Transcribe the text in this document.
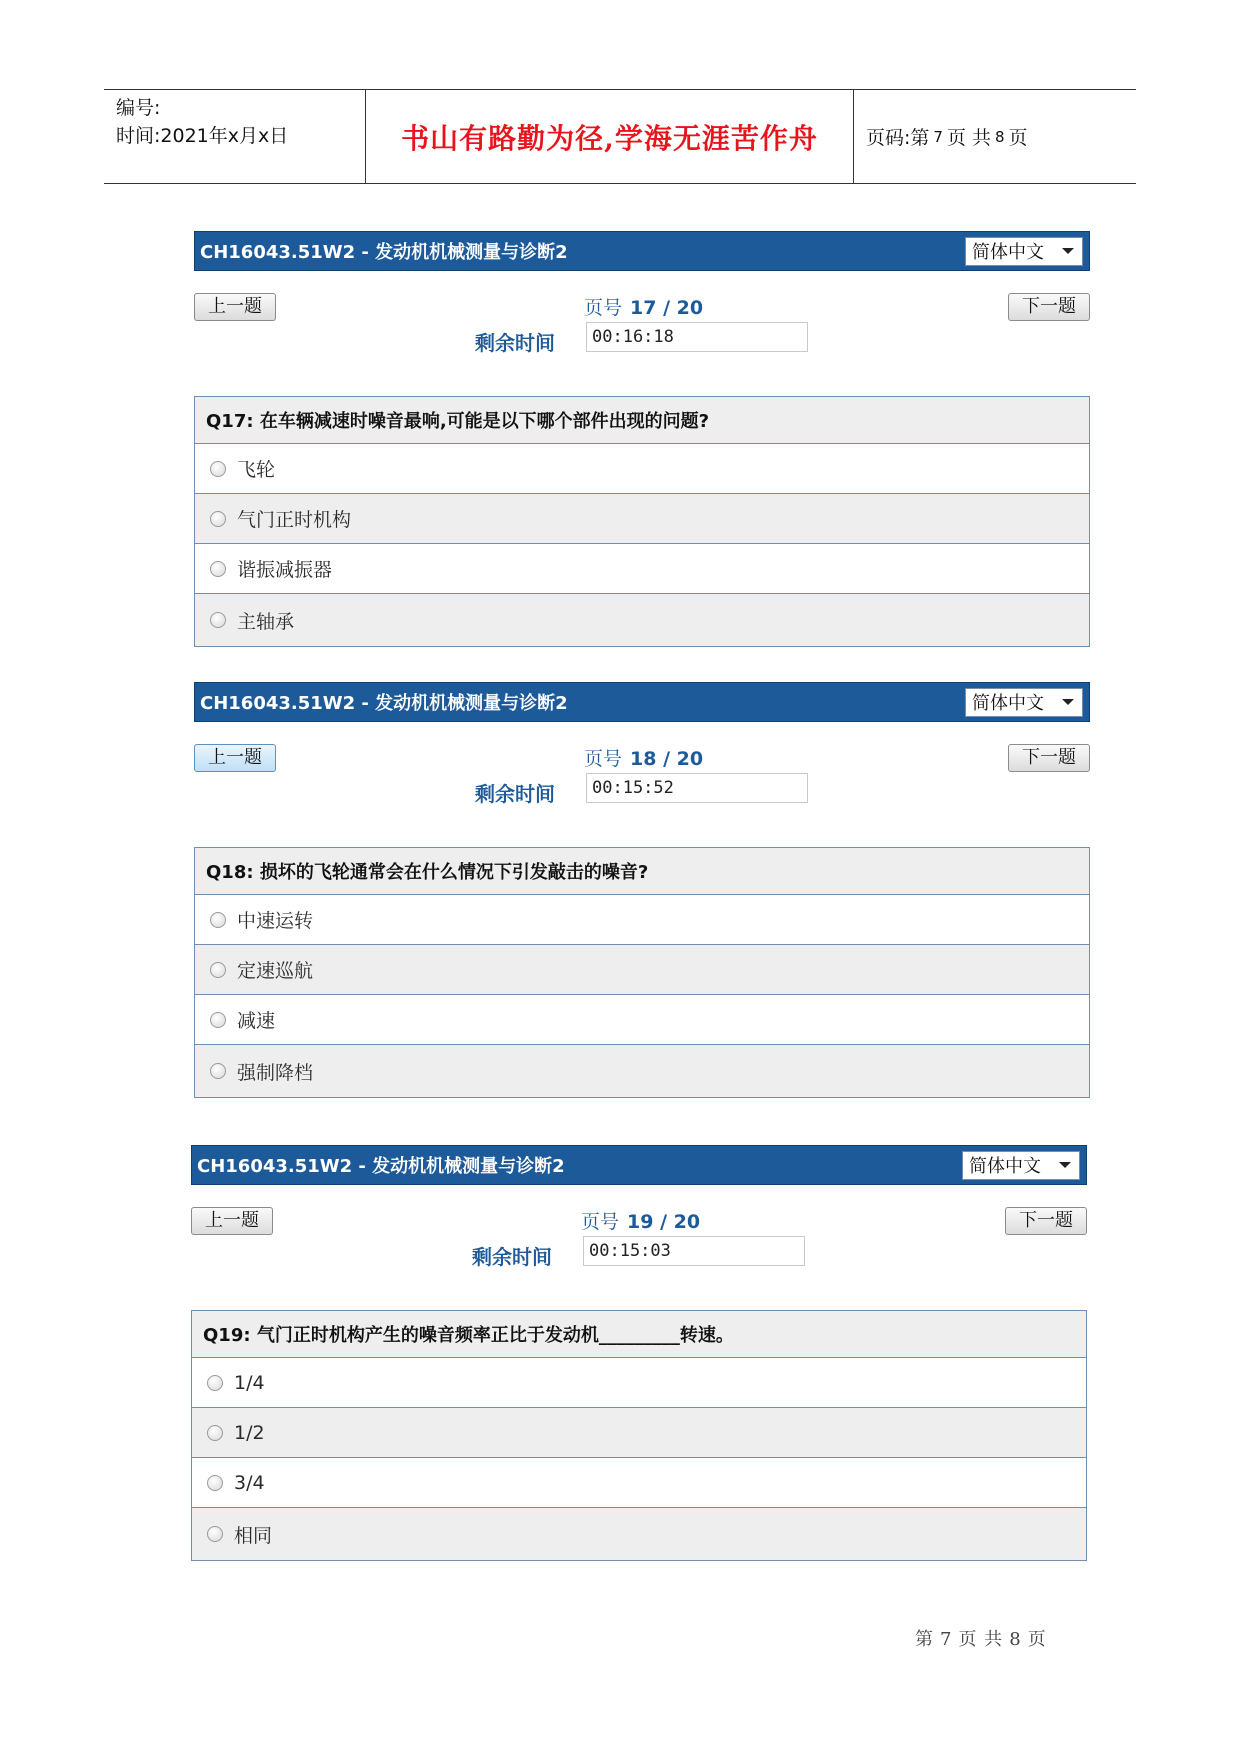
编号:
时间:2021年x月x日	书山有路勤为径,学海无涯苦作舟	页码:第 7 页 共 8 页
CH16043.51W2 - 发动机机械测量与诊断2	简体中文
上一题	页号 17 / 20	下一题
剩余时间	00:16:18
Q17: 在车辆减速时噪音最响,可能是以下哪个部件出现的问题?
飞轮
气门正时机构
谐振减振器
主轴承
CH16043.51W2 - 发动机机械测量与诊断2	简体中文
上一题	页号 18 / 20	下一题
剩余时间	00:15:52
Q18: 损坏的飞轮通常会在什么情况下引发敲击的噪音?
中速运转
定速巡航
减速
强制降档
CH16043.51W2 - 发动机机械测量与诊断2	简体中文
上一题	页号 19 / 20	下一题
剩余时间	00:15:03
Q19: 气门正时机构产生的噪音频率正比于发动机_________转速。
1/4
1/2
3/4
相同
第 7 页 共 8 页
